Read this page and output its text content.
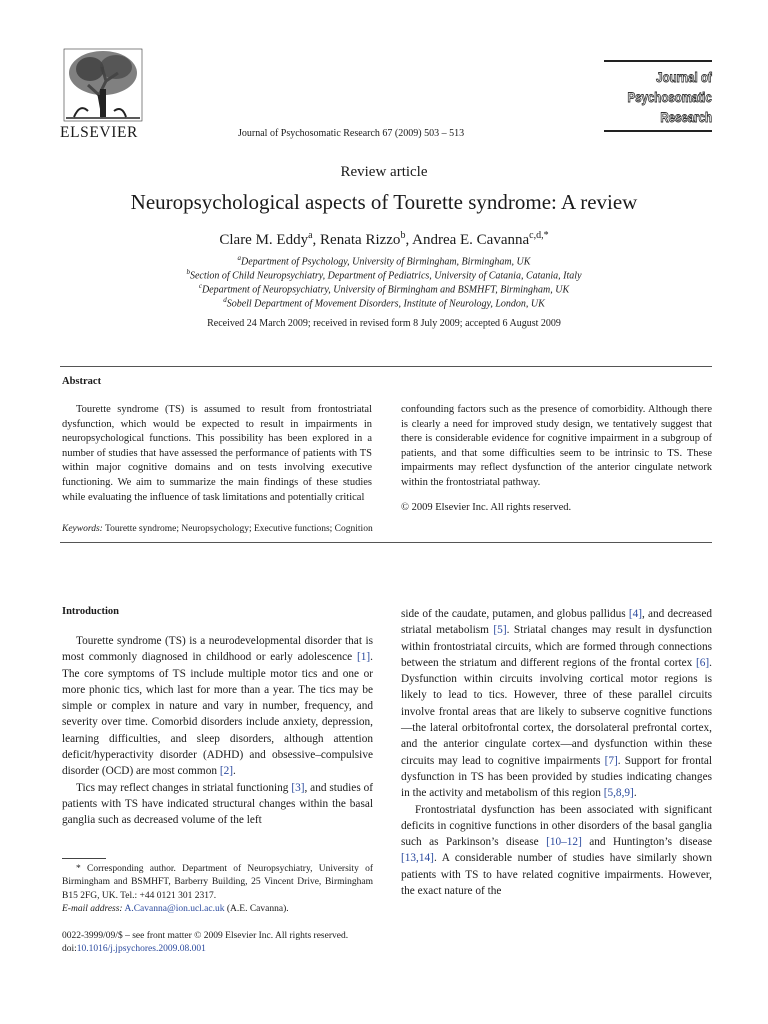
ELSEVIER	Journal of Psychosomatic Research 67 (2009) 503 – 513
Journal of
Psychosomatic
Research
Review article
Neuropsychological aspects of Tourette syndrome: A review
Clare M. Eddy$^a$, Renata Rizzo$^b$, Andrea E. Cavanna$^{c,d,*}$
$^a$Department of Psychology, University of Birmingham, Birmingham, UK
$^b$Section of Child Neuropsychiatry, Department of Pediatrics, University of Catania, Catania, Italy
$^c$Department of Neuropsychiatry, University of Birmingham and BSMHFT, Birmingham, UK
$^d$Sobell Department of Movement Disorders, Institute of Neurology, London, UK
Received 24 March 2009; received in revised form 8 July 2009; accepted 6 August 2009
Abstract
Tourette syndrome (TS) is assumed to result from frontostriatal dysfunction, which would be expected to result in impairments in neuropsychological functions. This possibility has been explored in a number of studies that have assessed the performance of patients with TS within major cognitive domains and on tests involving executive functioning. We aim to summarize the main findings of these studies while evaluating the influence of task limitations and potentially critical
confounding factors such as the presence of comorbidity. Although there is clearly a need for improved study design, we tentatively suggest that there is considerable evidence for cognitive impairment in a subgroup of patients, and that some difficulties seem to be intrinsic to TS. These impairments may reflect dysfunction of the anterior cingulate network within the frontostriatal pathway.
© 2009 Elsevier Inc. All rights reserved.
Keywords: Tourette syndrome; Neuropsychology; Executive functions; Cognition
Introduction

Tourette syndrome (TS) is a neurodevelopmental disorder that is most commonly diagnosed in childhood or early adolescence [1]. The core symptoms of TS include multiple motor tics and one or more phonic tics, which last for more than a year. The tics may be simple or complex in nature and vary in number, frequency, and severity over time. Comorbid disorders include anxiety, depression, learning difficulties, and sleep disorders, although attention deficit/hyperactivity disorder (ADHD) and obsessive–compulsive disorder (OCD) are most common [2].

Tics may reflect changes in striatal functioning [3], and studies of patients with TS have indicated structural changes within the basal ganglia such as decreased volume of the left

side of the caudate, putamen, and globus pallidus [4], and decreased striatal metabolism [5]. Striatal changes may result in dysfunction within frontostriatal circuits, which are formed through connections between the striatum and different regions of the frontal cortex [6]. Dysfunction within circuits involving cortical motor regions is likely to lead to tics. However, three of these parallel circuits involve frontal areas that are likely to subserve cognitive functions—the lateral orbitofrontal cortex, the dorsolateral prefrontal cortex, and the anterior cingulate cortex—and dysfunction within these circuits may lead to cognitive impairments [7]. Support for frontal dysfunction in TS has been provided by studies indicating changes in the activity and metabolism of this region [5,8,9].

Frontostriatal dysfunction has been associated with significant deficits in cognitive functions in other disorders of the basal ganglia such as Parkinson’s disease [10–12] and Huntington’s disease [13,14]. A considerable number of studies have similarly shown patients with TS to have related cognitive impairments. However, the exact nature of the

* Corresponding author. Department of Neuropsychiatry, University of Birmingham and BSMHFT, Barberry Building, 25 Vincent Drive, Birmingham B15 2FG, UK. Tel.: +44 0121 301 2317.
E-mail address: A.Cavanna@ion.ucl.ac.uk (A.E. Cavanna).
0022-3999/09/$ – see front matter © 2009 Elsevier Inc. All rights reserved.
doi:10.1016/j.jpsychores.2009.08.001
